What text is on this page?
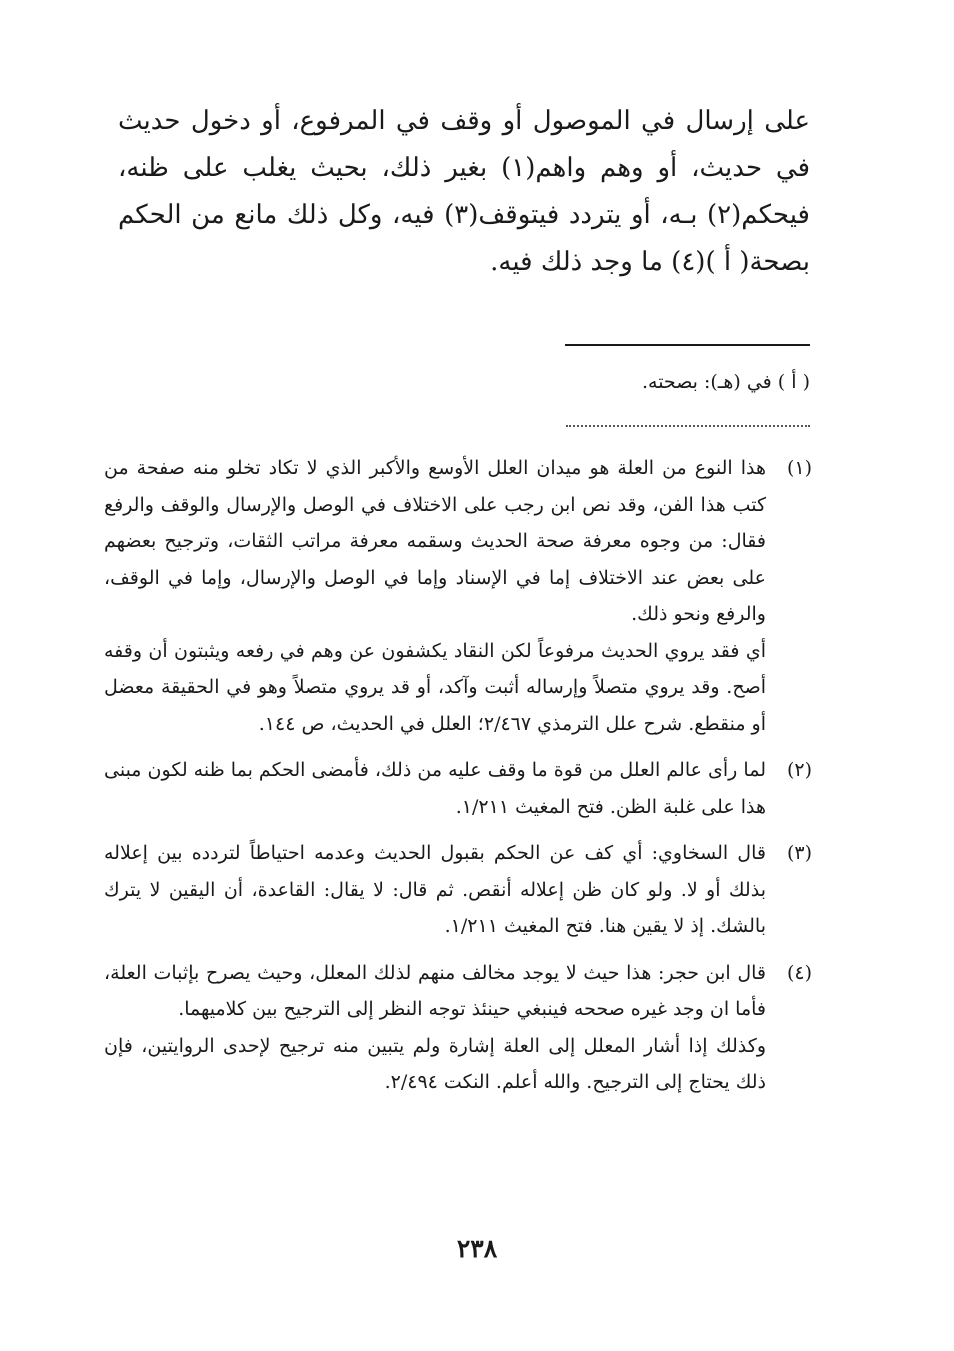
على إرسال في الموصول أو وقف في المرفوع، أو دخول حديث في حديث، أو وهم واهم(١) بغير ذلك، بحيث يغلب على ظنه، فيحكم(٢) بـه، أو يتردد فيتوقف(٣) فيه، وكل ذلك مانع من الحكم بصحة( أ )(٤) ما وجد ذلك فيه.

( أ ) في (هـ): بصحته.
(١)

هذا النوع من العلة هو ميدان العلل الأوسع والأكبر الذي لا تكاد تخلو منه صفحة من كتب هذا الفن، وقد نص ابن رجب على الاختلاف في الوصل والإرسال والوقف والرفع فقال: من وجوه معرفة صحة الحديث وسقمه معرفة مراتب الثقات، وترجيح بعضهم على بعض عند الاختلاف إما في الإسناد وإما في الوصل والإرسال، وإما في الوقف، والرفع ونحو ذلك.

أي فقد يروي الحديث مرفوعاً لكن النقاد يكشفون عن وهم في رفعه ويثبتون أن وقفه أصح. وقد يروي متصلاً وإرساله أثبت وآكد، أو قد يروي متصلاً وهو في الحقيقة معضل أو منقطع. شرح علل الترمذي ٢/٤٦٧؛ العلل في الحديث، ص ١٤٤.

(٢)

لما رأى عالم العلل من قوة ما وقف عليه من ذلك، فأمضى الحكم بما ظنه لكون مبنى هذا على غلبة الظن. فتح المغيث ١/٢١١.

(٣)

قال السخاوي: أي كف عن الحكم بقبول الحديث وعدمه احتياطاً لتردده بين إعلاله بذلك أو لا. ولو كان ظن إعلاله أنقص. ثم قال: لا يقال: القاعدة، أن اليقين لا يترك بالشك. إذ لا يقين هنا. فتح المغيث ١/٢١١.

(٤)

قال ابن حجر: هذا حيث لا يوجد مخالف منهم لذلك المعلل، وحيث يصرح بإثبات العلة، فأما ان وجد غيره صححه فينبغي حينئذ توجه النظر إلى الترجيح بين كلاميهما.

وكذلك إذا أشار المعلل إلى العلة إشارة ولم يتبين منه ترجيح لإحدى الروايتين، فإن ذلك يحتاج إلى الترجيح. والله أعلم. النكت ٢/٤٩٤.

٢٣٨
